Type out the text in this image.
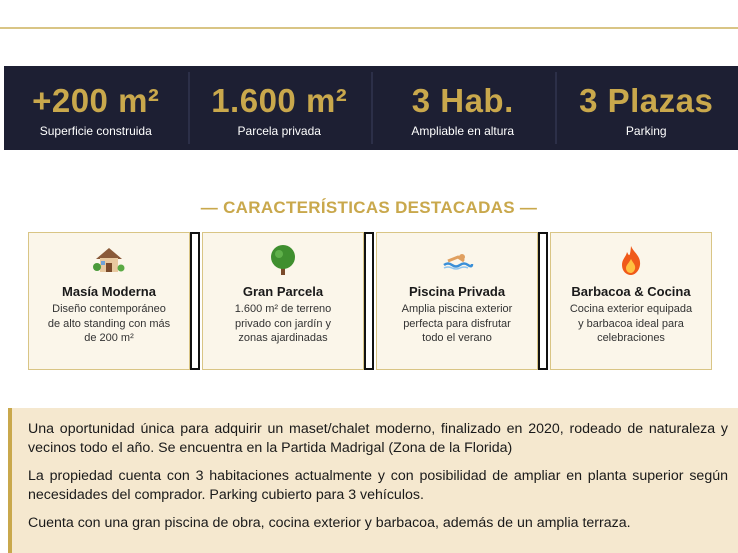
+200 m²
Superficie construida
1.600 m²
Parcela privada
3 Hab.
Ampliable en altura
3 Plazas
Parking
— CARACTERÍSTICAS DESTACADAS —
Masía Moderna
Diseño contemporáneo de alto standing con más de 200 m²
Gran Parcela
1.600 m² de terreno privado con jardín y zonas ajardinadas
Piscina Privada
Amplia piscina exterior perfecta para disfrutar todo el verano
Barbacoa & Cocina
Cocina exterior equipada y barbacoa ideal para celebraciones

Una oportunidad única para adquirir un maset/chalet moderno, finalizado en 2020, rodeado de naturaleza y vecinos todo el año. Se encuentra en la Partida Madrigal (Zona de la Florida)

La propiedad cuenta con 3 habitaciones actualmente y con posibilidad de ampliar en planta superior según necesidades del comprador. Parking cubierto para 3 vehículos.

Cuenta con una gran piscina de obra, cocina exterior y barbacoa, además de un amplia terraza.
